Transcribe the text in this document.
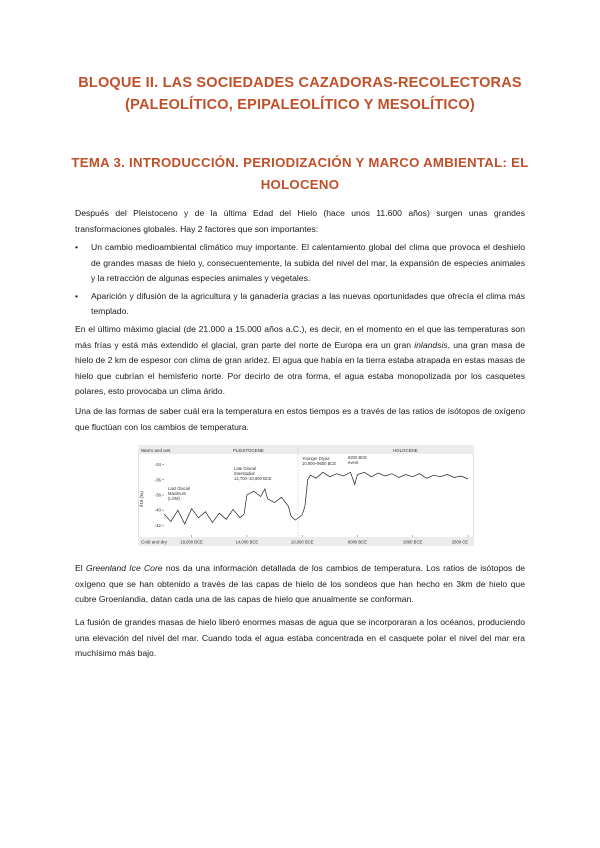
BLOQUE II. LAS SOCIEDADES CAZADORAS-RECOLECTORAS
(PALEOLÍTICO, EPIPALEOLÍTICO Y MESOLÍTICO)
TEMA 3. INTRODUCCIÓN. PERIODIZACIÓN Y MARCO AMBIENTAL: EL
HOLOCENO

Después del Pleistoceno y de la última Edad del Hielo (hace unos 11.600 años) surgen unas grandes transformaciones globales. Hay 2 factores que son importantes:

• Un cambio medioambiental climático muy importante. El calentamiento global del clima que provoca el deshielo de grandes masas de hielo y, consecuentemente, la subida del nivel del mar, la expansión de especies animales y la retracción de algunas especies animales y vegetales.
• Aparición y difusión de la agricultura y la ganadería gracias a las nuevas oportunidades que ofrecía el clima más templado.

En el último máximo glacial (de 21.000 a 15.000 años a.C.), es decir, en el momento en el que las temperaturas son más frías y está más extendido el glacial, gran parte del norte de Europa era un gran inlandsis, una gran masa de hielo de 2 km de espesor con clima de gran aridez. El agua que había en la tierra estaba atrapada en estas masas de hielo que cubrían el hemisferio norte. Por decirlo de otra forma, el agua estaba monopolizada por los casquetes polares, esto provocaba un clima árido.

Una de las formas de saber cuál era la temperatura en estos tiempos es a través de las ratios de isótopos de oxígeno que fluctúan con los cambios de temperatura.

Warm and wet
Cold and dry
PLEISTOCENE	HOLOCENE
δ18 (‰)
-34
-36
-38
-40
-42
18,000 BCE	14,000 BCE	10,000 BCE	6000 BCE	2000 BCE	2000 CE
Last Glacial
Maximum
(LGM)
Late Glacial
Interstadial
12,700–10,800 BCE
Younger Dryas
10,800–9600 BCE
6200 BCE
event

El Greenland Ice Core nos da una información detallada de los cambios de temperatura. Los ratios de isótopos de oxígeno que se han obtenido a través de las capas de hielo de los sondeos que han hecho en 3km de hielo que cubre Groenlandia, datan cada una de las capas de hielo que anualmente se conforman.

La fusión de grandes masas de hielo liberó enormes masas de agua que se incorporaran a los océanos, produciendo una elevación del nivel del mar. Cuando toda el agua estaba concentrada en el casquete polar el nivel del mar era muchísimo más bajo.
